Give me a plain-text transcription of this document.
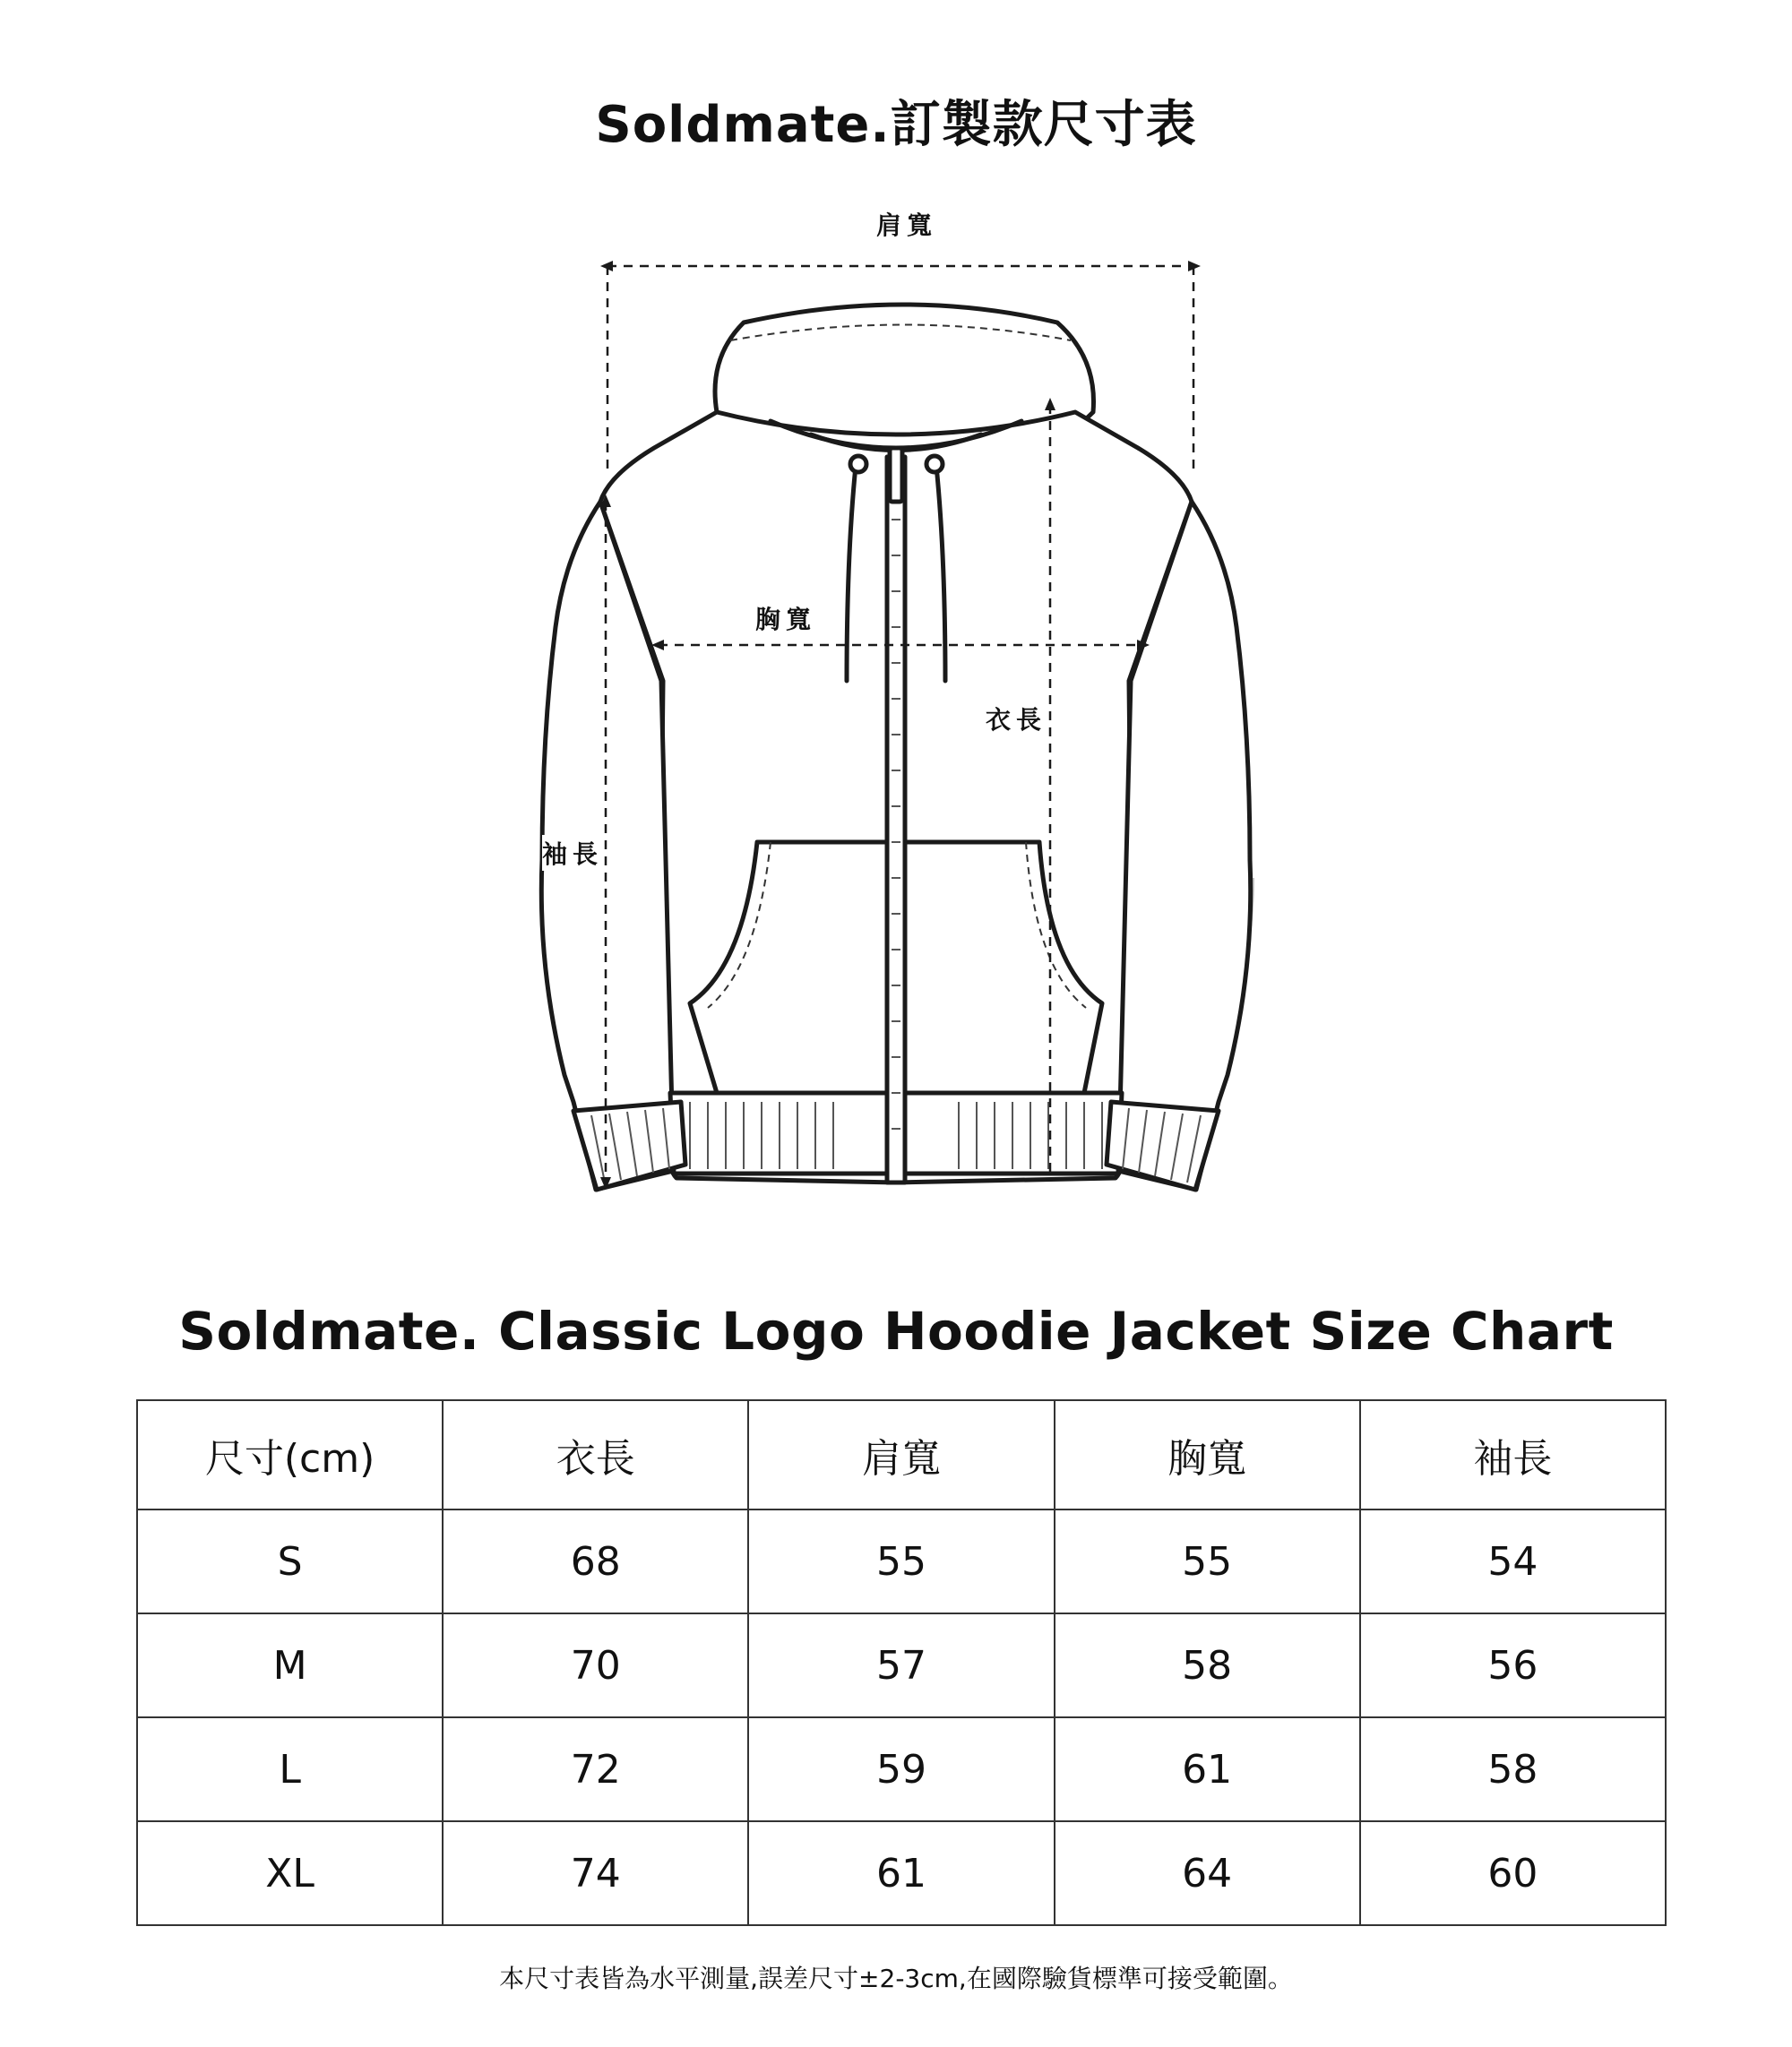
Soldmate.訂製款尺寸表
肩寬
胸寬
衣長
袖長
Soldmate. Classic Logo Hoodie Jacket Size Chart
尺寸(cm)	衣長	肩寬	胸寬	袖長
S	68	55	55	54
M	70	57	58	56
L	72	59	61	58
XL	74	61	64	60
本尺寸表皆為水平測量,誤差尺寸±2-3cm,在國際驗貨標準可接受範圍。
